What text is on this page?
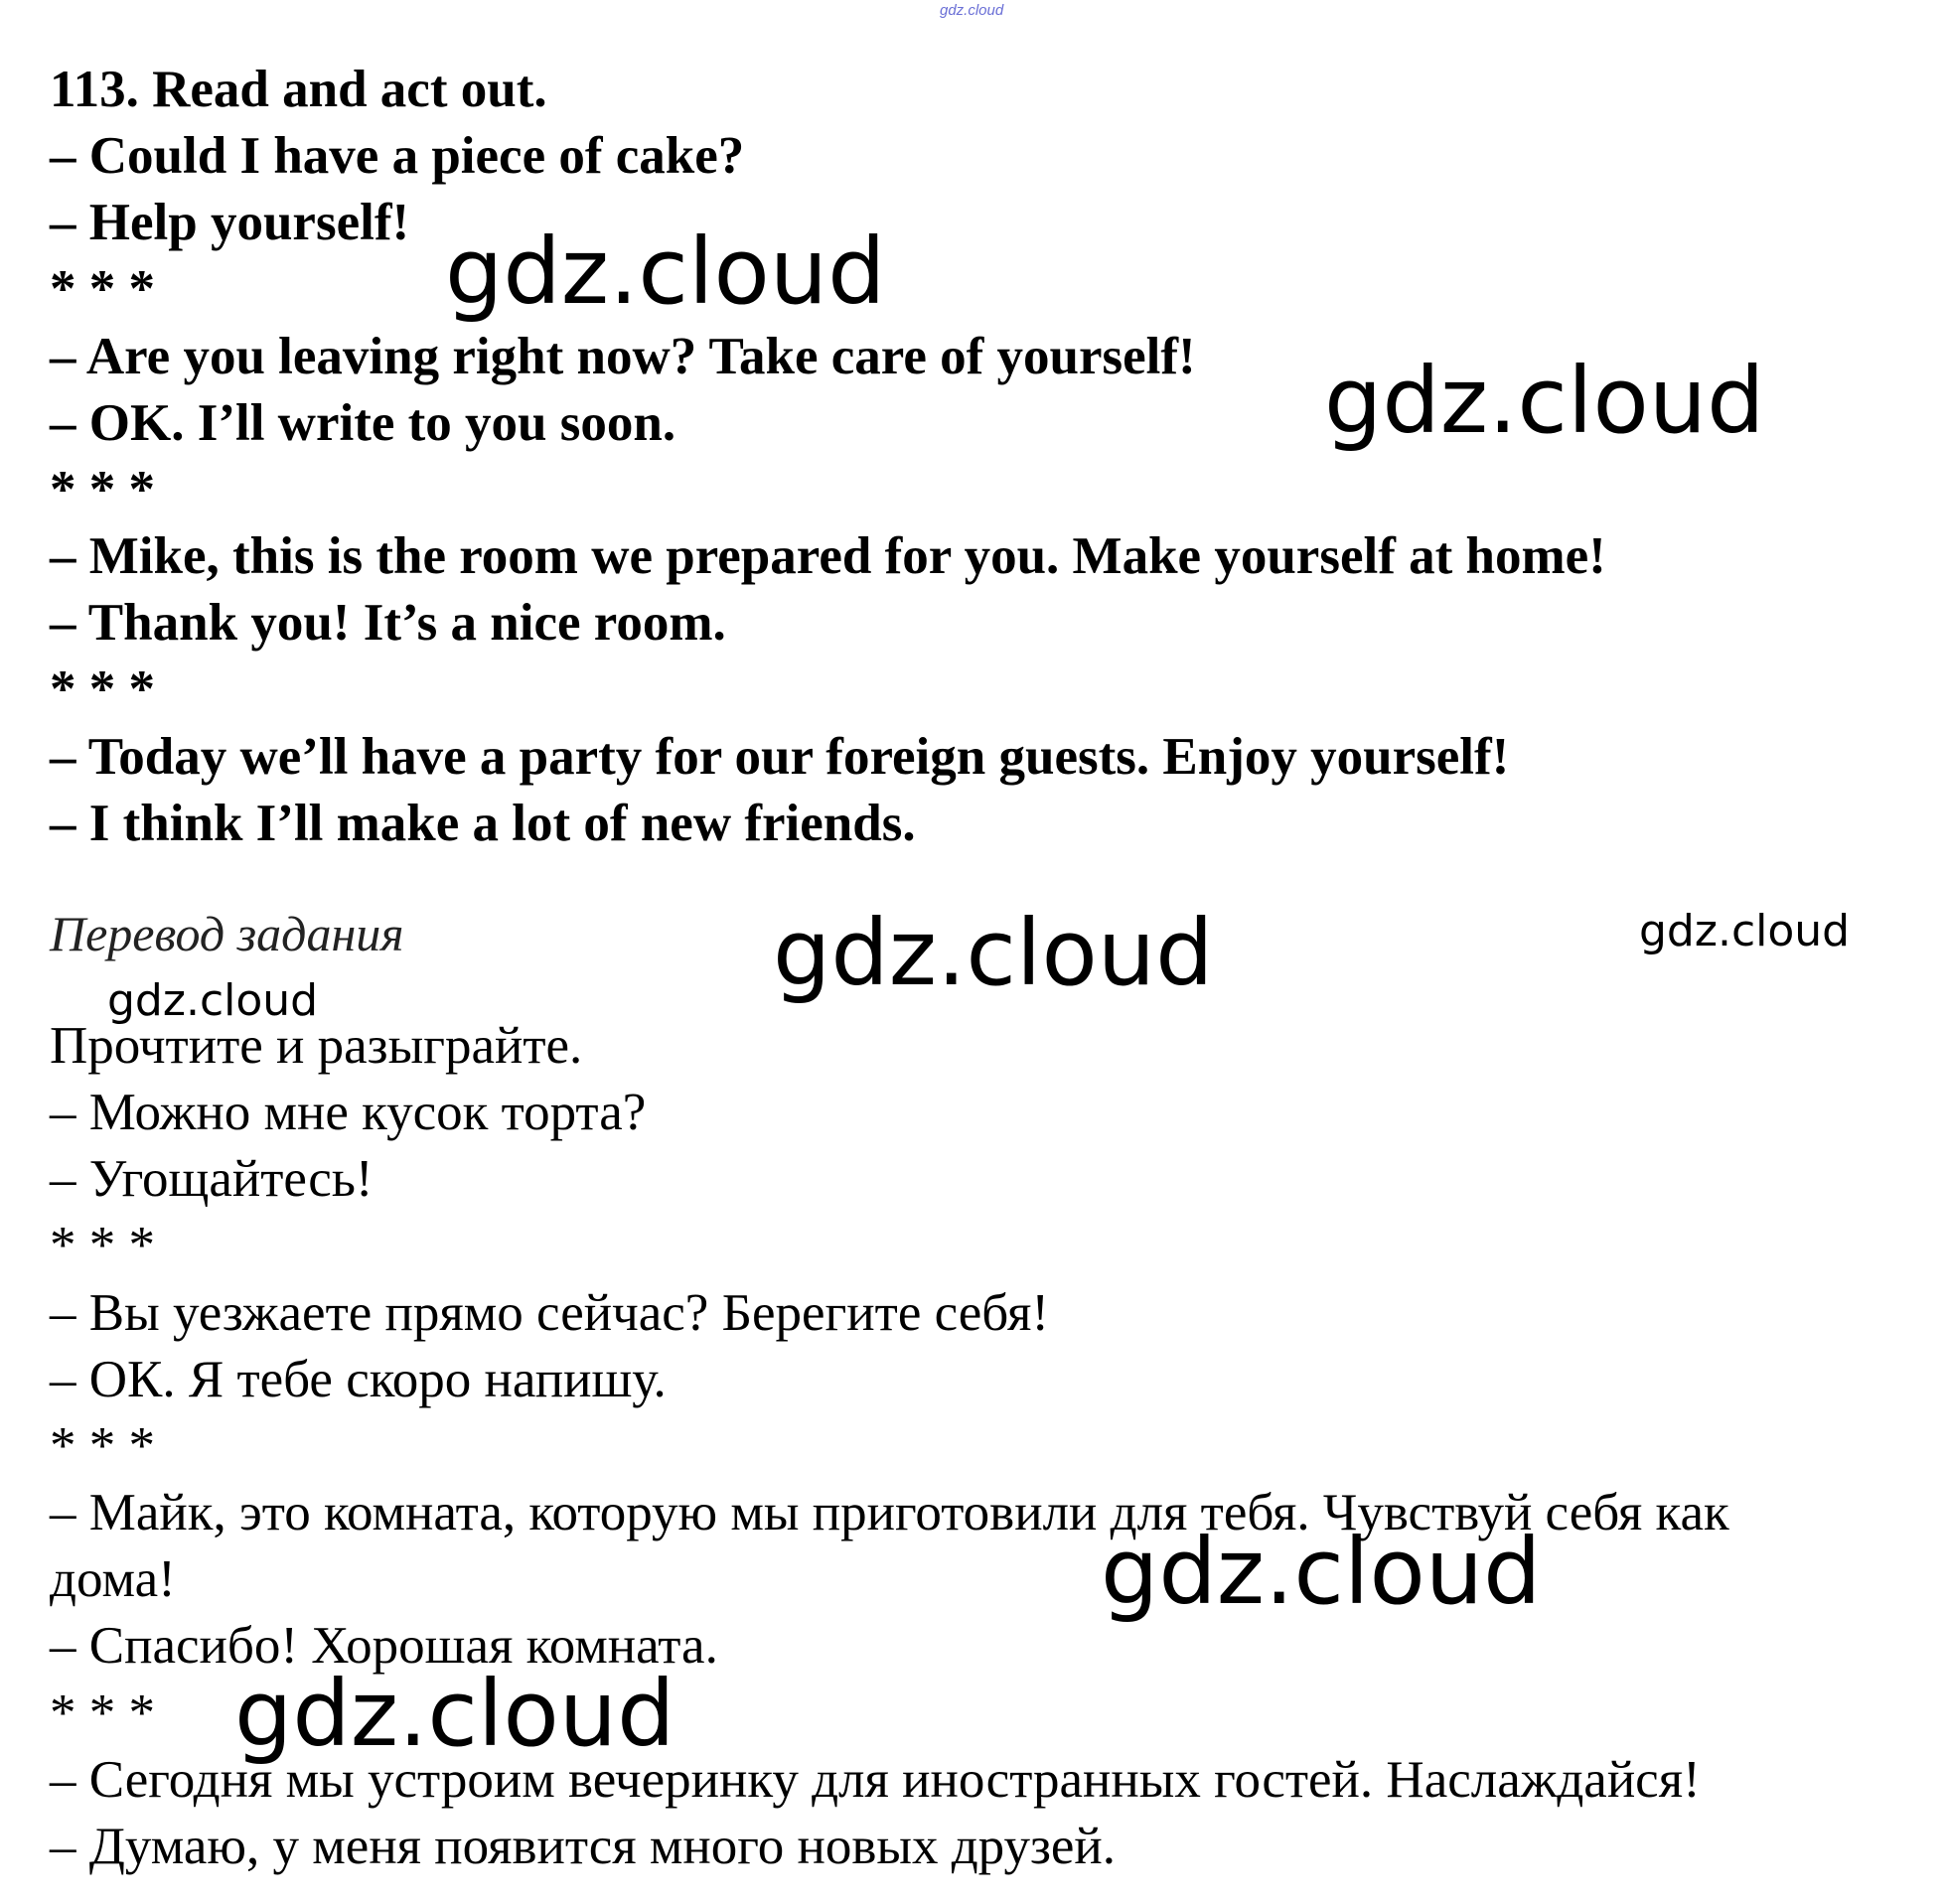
gdz.cloud
113. Read and act out.
– Could I have a piece of cake?
– Help yourself!
* * *
– Are you leaving right now? Take care of yourself!
– OK. I’ll write to you soon.
* * *
– Mike, this is the room we prepared for you. Make yourself at home!
– Thank you! It’s a nice room.
* * *
– Today we’ll have a party for our foreign guests. Enjoy yourself!
– I think I’ll make a lot of new friends.
Перевод задания
Прочтите и разыграйте.
– Можно мне кусок торта?
– Угощайтесь!
* * *
– Вы уезжаете прямо сейчас? Берегите себя!
– ОК. Я тебе скоро напишу.
* * *
– Майк, это комната, которую мы приготовили для тебя. Чувствуй себя как
дома!
– Спасибо! Хорошая комната.
* * *
– Сегодня мы устроим вечеринку для иностранных гостей. Наслаждайся!
– Думаю, у меня появится много новых друзей.
gdz.cloud
gdz.cloud
gdz.cloud	gdz.cloud
gdz.cloud
gdz.cloud
gdz.cloud
